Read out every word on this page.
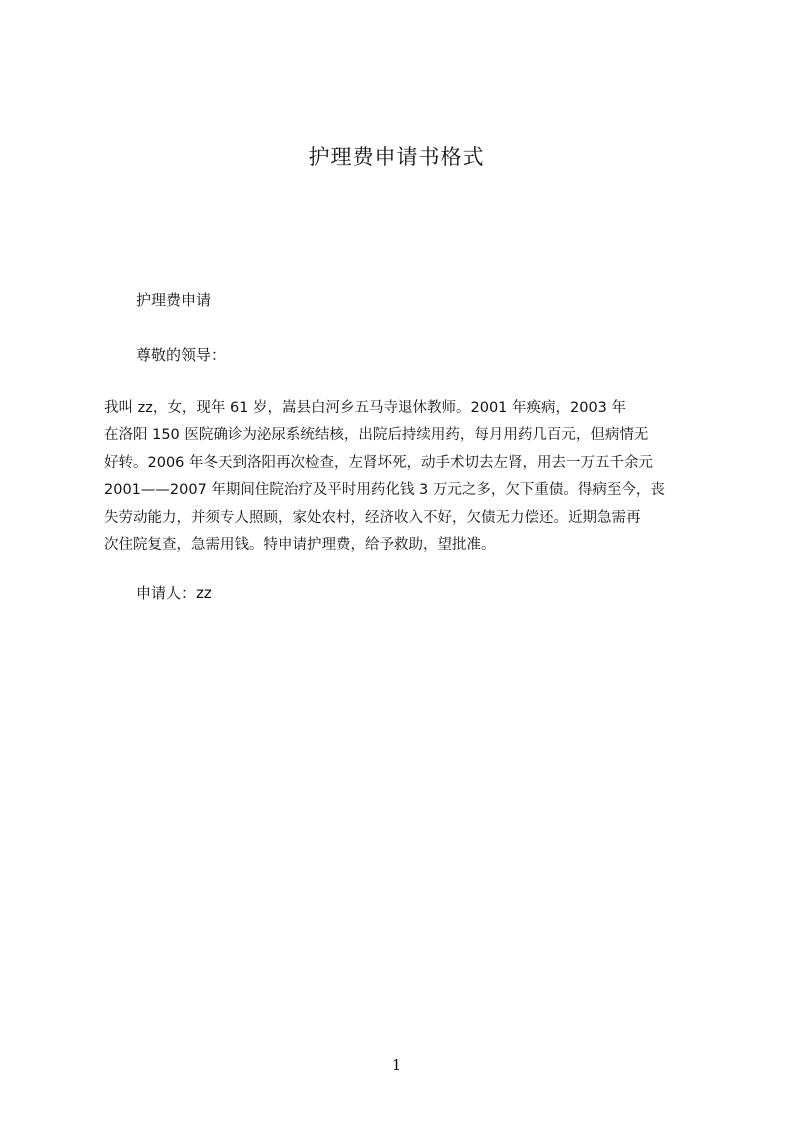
护理费申请书格式
护理费申请
尊敬的领导：
我叫 zz，女，现年 61 岁，嵩县白河乡五马寺退休教师。2001 年痪病，2003 年
在洛阳 150 医院确诊为泌尿系统结核，出院后持续用药，每月用药几百元，但病情无
好转。2006 年冬天到洛阳再次检查，左肾坏死，动手术切去左肾，用去一万五千余元
2001——2007 年期间住院治疗及平时用药化钱 3 万元之多，欠下重债。得病至今，丧
失劳动能力，并须专人照顾，家处农村，经济收入不好，欠债无力偿还。近期急需再
次住院复查，急需用钱。特申请护理费，给予救助，望批准。
申请人：zz
1
